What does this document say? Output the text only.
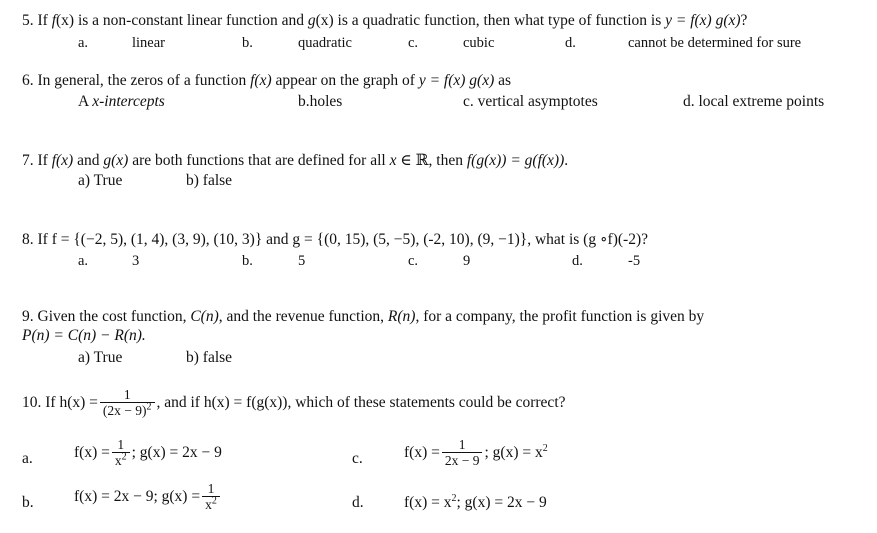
5. If f(x) is a non-constant linear function and g(x) is a quadratic function, then what type of function is y = f(x) g(x)?
a.	linear	b.	quadratic	c.	cubic	d.	cannot be determined for sure
6. In general, the zeros of a function f(x) appear on the graph of y = f(x) g(x) as
A x-intercepts	b.holes	c. vertical asymptotes	d. local extreme points
7. If f(x) and g(x) are both functions that are defined for all x ∈ ℝ, then f(g(x)) = g(f(x)).
a) True	b) false
8. If f = {(−2, 5), (1, 4), (3, 9), (10, 3)} and g = {(0, 15), (5, −5), (-2, 10), (9, −1)}, what is (g ∘f)(-2)?
a.	3	b.	5	c.	9	d.	-5
9. Given the cost function, C(n), and the revenue function, R(n), for a company, the profit function is given by
P(n) = C(n) − R(n).
a) True	b) false
10. If $h(x) = \frac{1}{(2x - 9)^2}$ , and if h(x) = f(g(x)), which of these statements could be correct?
a.	$f(x) = \frac{1}{x^2}$ ; g(x) = 2x − 9	c.	$f(x) = \frac{1}{2x - 9}$ ; $g(x) = x^2$
b.	f(x) = 2x − 9; $g(x) = \frac{1}{x^2}$	d.	$f(x) = x^2$; g(x) = 2x − 9
